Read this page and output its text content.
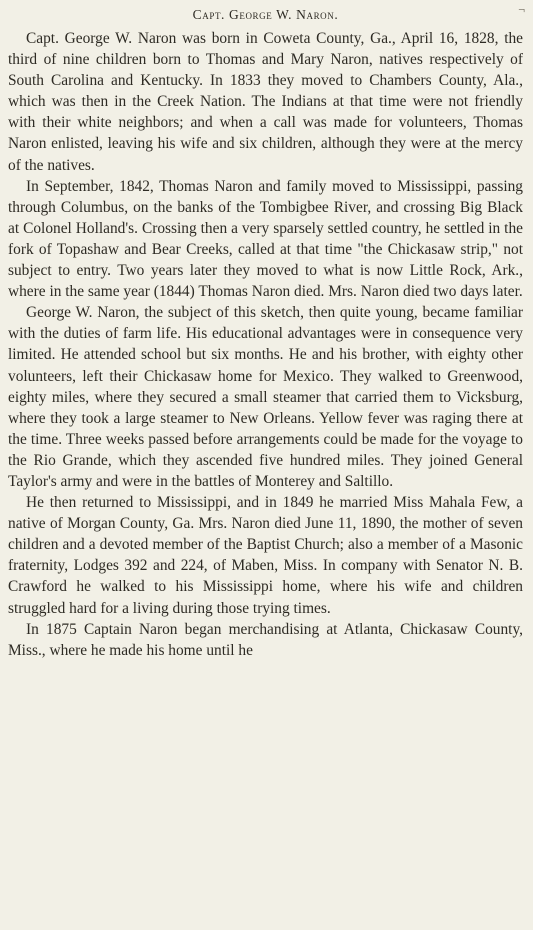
¬
Capt. George W. Naron.

Capt. George W. Naron was born in Coweta County, Ga., April 16, 1828, the third of nine children born to Thomas and Mary Naron, natives respectively of South Carolina and Kentucky. In 1833 they moved to Chambers County, Ala., which was then in the Creek Nation. The Indians at that time were not friendly with their white neighbors; and when a call was made for volunteers, Thomas Naron enlisted, leaving his wife and six children, although they were at the mercy of the natives.

In September, 1842, Thomas Naron and family moved to Mississippi, passing through Columbus, on the banks of the Tombigbee River, and crossing Big Black at Colonel Holland's. Crossing then a very sparsely settled country, he settled in the fork of Topashaw and Bear Creeks, called at that time "the Chickasaw strip," not subject to entry. Two years later they moved to what is now Little Rock, Ark., where in the same year (1844) Thomas Naron died. Mrs. Naron died two days later.

George W. Naron, the subject of this sketch, then quite young, became familiar with the duties of farm life. His educational advantages were in consequence very limited. He attended school but six months. He and his brother, with eighty other volunteers, left their Chickasaw home for Mexico. They walked to Greenwood, eighty miles, where they secured a small steamer that carried them to Vicksburg, where they took a large steamer to New Orleans. Yellow fever was raging there at the time. Three weeks passed before arrangements could be made for the voyage to the Rio Grande, which they ascended five hundred miles. They joined General Taylor's army and were in the battles of Monterey and Saltillo.

He then returned to Mississippi, and in 1849 he married Miss Mahala Few, a native of Morgan County, Ga. Mrs. Naron died June 11, 1890, the mother of seven children and a devoted member of the Baptist Church; also a member of a Masonic fraternity, Lodges 392 and 224, of Maben, Miss. In company with Senator N. B. Crawford he walked to his Mississippi home, where his wife and children struggled hard for a living during those trying times.

In 1875 Captain Naron began merchandising at Atlanta, Chickasaw County, Miss., where he made his home until he
